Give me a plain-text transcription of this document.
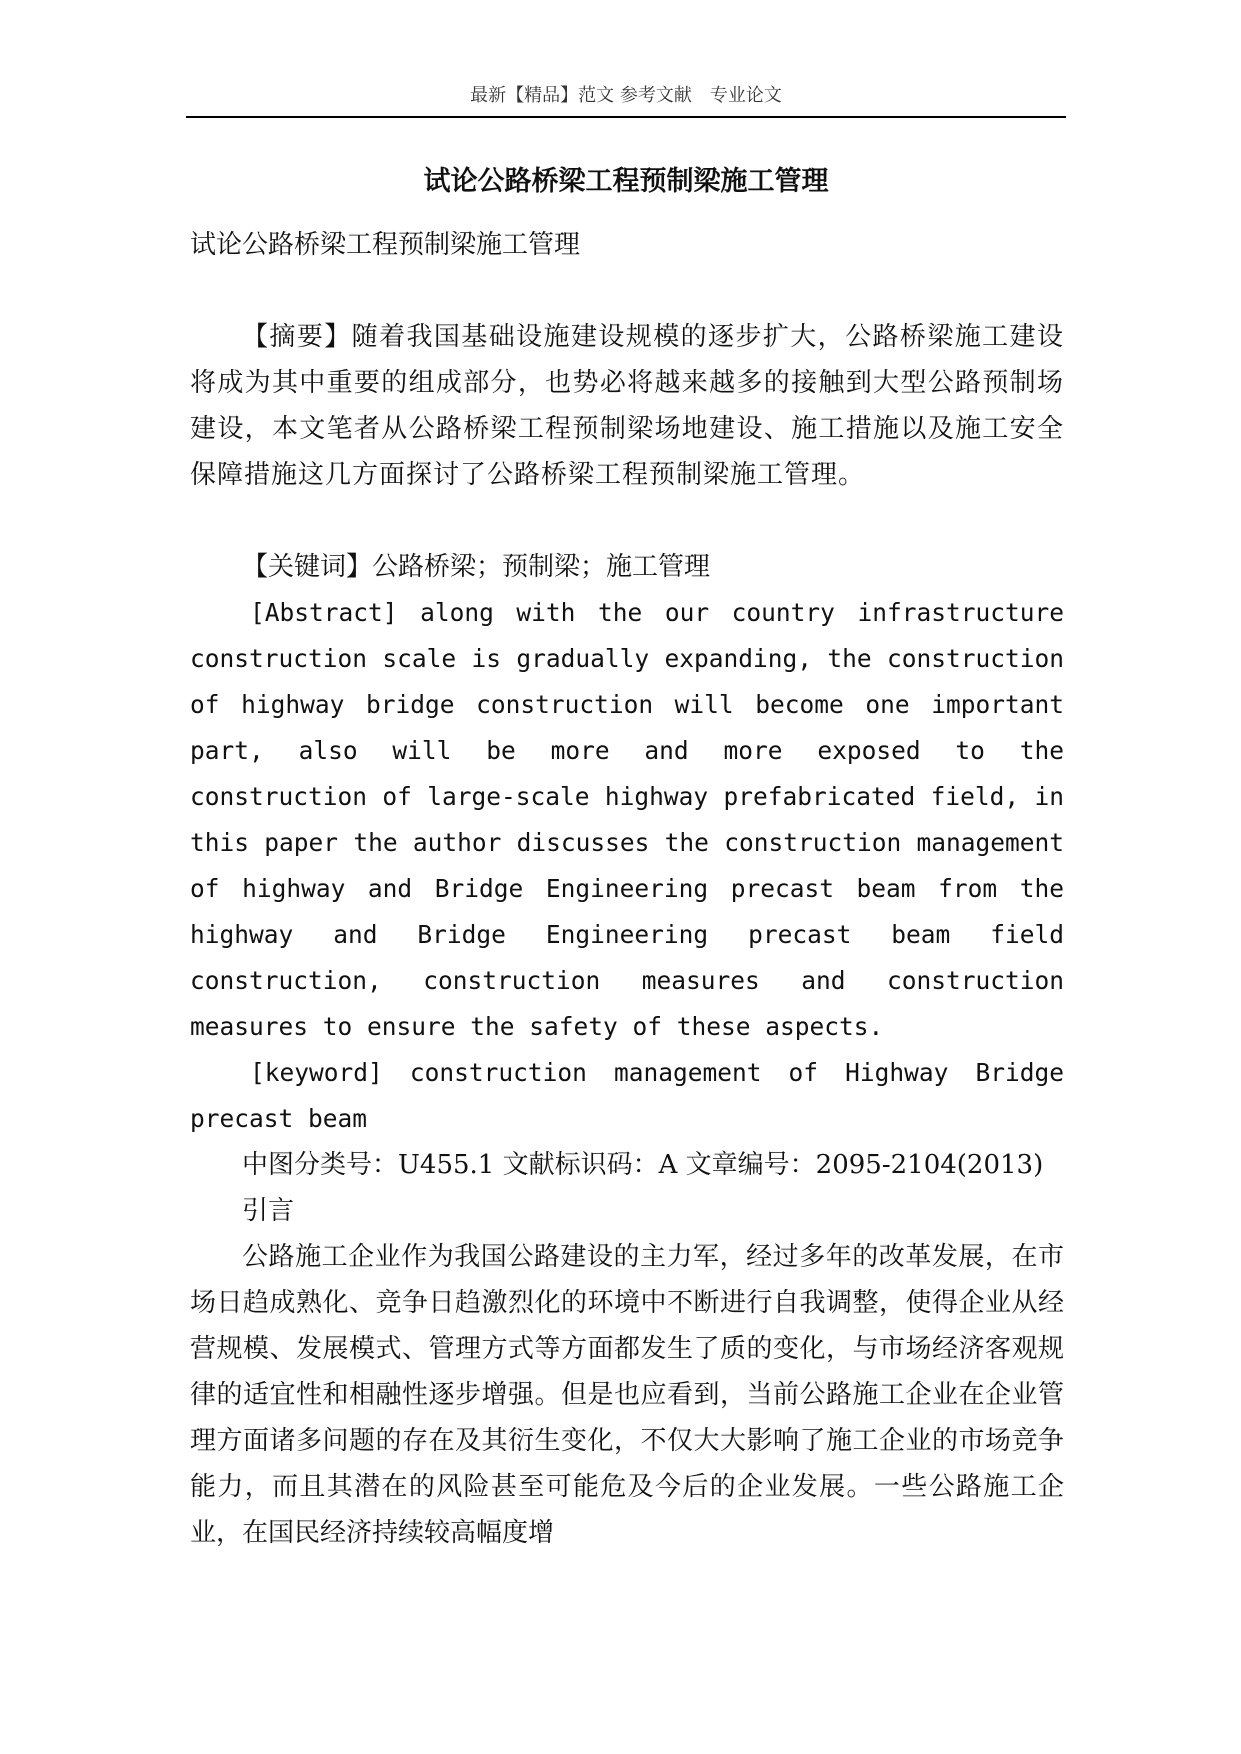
最新【精品】范文 参考文献　专业论文
试论公路桥梁工程预制梁施工管理

试论公路桥梁工程预制梁施工管理

【摘要】随着我国基础设施建设规模的逐步扩大，公路桥梁施工建设将成为其中重要的组成部分，也势必将越来越多的接触到大型公路预制场建设，本文笔者从公路桥梁工程预制梁场地建设、施工措施以及施工安全保障措施这几方面探讨了公路桥梁工程预制梁施工管理。

【关键词】公路桥梁；预制梁；施工管理

[Abstract] along with the our country infrastructure construction scale is gradually expanding, the construction of highway bridge construction will become one important part, also will be more and more exposed to the construction of large-scale highway prefabricated field, in this paper the author discusses the construction management of highway and Bridge Engineering precast beam from the highway and Bridge Engineering precast beam field construction, construction measures and construction measures to ensure the safety of these aspects.

[keyword] construction management of Highway Bridge precast beam

中图分类号：U455.1 文献标识码：A 文章编号：2095-2104(2013)

引言

公路施工企业作为我国公路建设的主力军，经过多年的改革发展，在市场日趋成熟化、竞争日趋激烈化的环境中不断进行自我调整，使得企业从经营规模、发展模式、管理方式等方面都发生了质的变化，与市场经济客观规律的适宜性和相融性逐步增强。但是也应看到，当前公路施工企业在企业管理方面诸多问题的存在及其衍生变化，不仅大大影响了施工企业的市场竞争能力，而且其潜在的风险甚至可能危及今后的企业发展。一些公路施工企业，在国民经济持续较高幅度增
